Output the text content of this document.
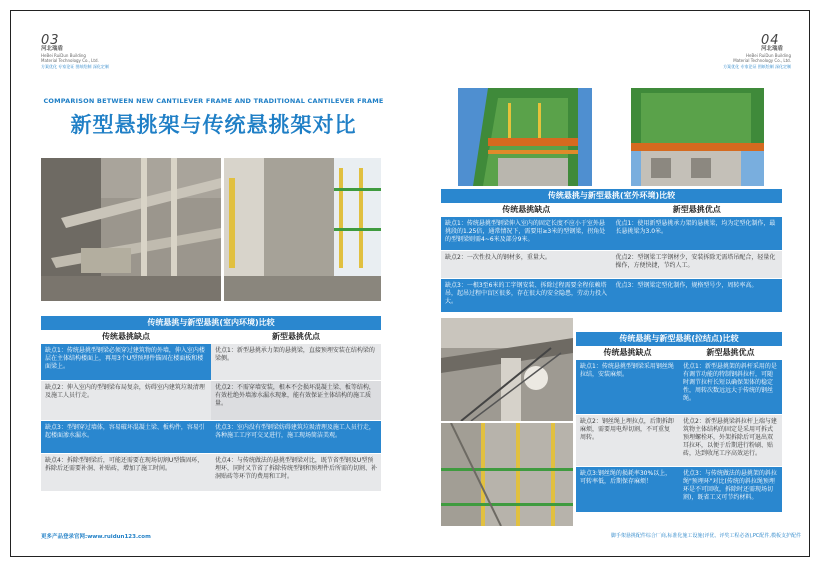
03
河北瑞盾
HeBei RuiDun Building
Material Technology Co., Ltd.
方案优化 专家论证 图纸绘制 深化定制
COMPARISON BETWEEN NEW CANTILEVER FRAME AND TRADITIONAL CANTILEVER FRAME
新型悬挑架与传统悬挑架对比
传统悬挑与新型悬挑(室内环境)比较
传统悬挑缺点	新型悬挑优点
缺点1：传统悬挑型钢梁必须穿过建筑物的外墙，伸入室内楼层在主体结构楼面上，再用3个U型预埋件锚固在楼面板和楼面梁上。
优点1：新型悬挑承力架的悬挑梁，直接预埋安装在结构梁的梁侧。
缺点2：伸入室内的型钢梁布局复杂，妨碍室内建筑垃圾清理及施工人员行走。
优点2：不需穿墙安装，根本不会损坏混凝土梁、板等结构，有效杜绝外墙渗水漏水现象，能有效保证主体结构的施工质量。
缺点3：型钢穿过墙体，容易破坏混凝土梁、板构件，容易引起楼面渗水漏水。
优点3：室内没有型钢梁妨碍建筑垃圾清理及施工人员行走，各种施工工序可交叉进行，施工现场简洁美观。
缺点4：拆除型钢梁后，可能还需要在现场切割U型锚固环，拆除后还需要补洞、补贴砖，增加了施工时间。
优点4：与传统做法的悬挑型钢梁对比，既节省型钢及U型预埋环，同时又节省了拆除传统型钢和预埋件后所需的切割、补洞贴砖等环节的费用和工时。
更多产品登录官网:www.ruidun123.com
04
河北瑞盾
HeBei RuiDun Building
Material Technology Co., Ltd.
方案优化 专家论证 图纸绘制 深化定制
传统悬挑与新型悬挑(室外环境)比较
传统悬挑缺点	新型悬挑优点
缺点1：传统悬挑型钢梁伸入室内的固定长度不应小于室外悬挑段的1.25倍，通常情况下，需要用≥3米的型钢梁，拐角处的型钢梁则需4~6米及部分9米。
优点1：使用新型悬挑承力架的悬挑梁，均为定型化制作，最长悬挑梁为3.0米。
缺点2：一次性投入的钢材多，重量大。	优点2：型钢梁工字钢材少，安装拆除无需塔吊配合，轻量化操作，方便快捷，节约人工。
缺点3：一根3至6米的工字钢安装、拆除过程需要全程依赖塔吊，起吊过程中盲区很多，存在很大的安全隐患，劳动力投入大。
优点3：型钢梁定型化制作，规格型号少，周转率高。
传统悬挑与新型悬挑(拉结点)比较
传统悬挑缺点	新型悬挑优点
缺点1：传统悬挑型钢梁采用钢丝绳拉结，安装麻烦。
优点1：新型悬挑架的斜杆采用的是有调节功能的特制钢斜拉杆，可随时调节拉杆长短以确保架体的稳定性，周转次数远远大于传统的钢丝绳。
缺点2：钢丝绳上埋拉点，后期拆卸麻烦，需要用电焊切割，不可重复周转。
优点2：新型悬挑梁斜拉杆上端与建筑物主体结构的固定是采用可拆式预埋螺栓环，外架拆除后可退出双耳拉环，以便于后期进行粉刷、贴砖，达到收尾工序高效运行。
缺点3:钢丝绳的损耗率30%以上，可转率低，后期保存麻烦！
优点3：与传统做法的悬挑架的斜拉绳"预埋环"对比(传统的斜拉绳预埋环是不可回收，拆除时还需现场切割)，既省工又可节约材料。
脚手架悬挑配件综合厂商,标准化施工设施(评优、评奖工程必备),PC配件,模板支护配件
